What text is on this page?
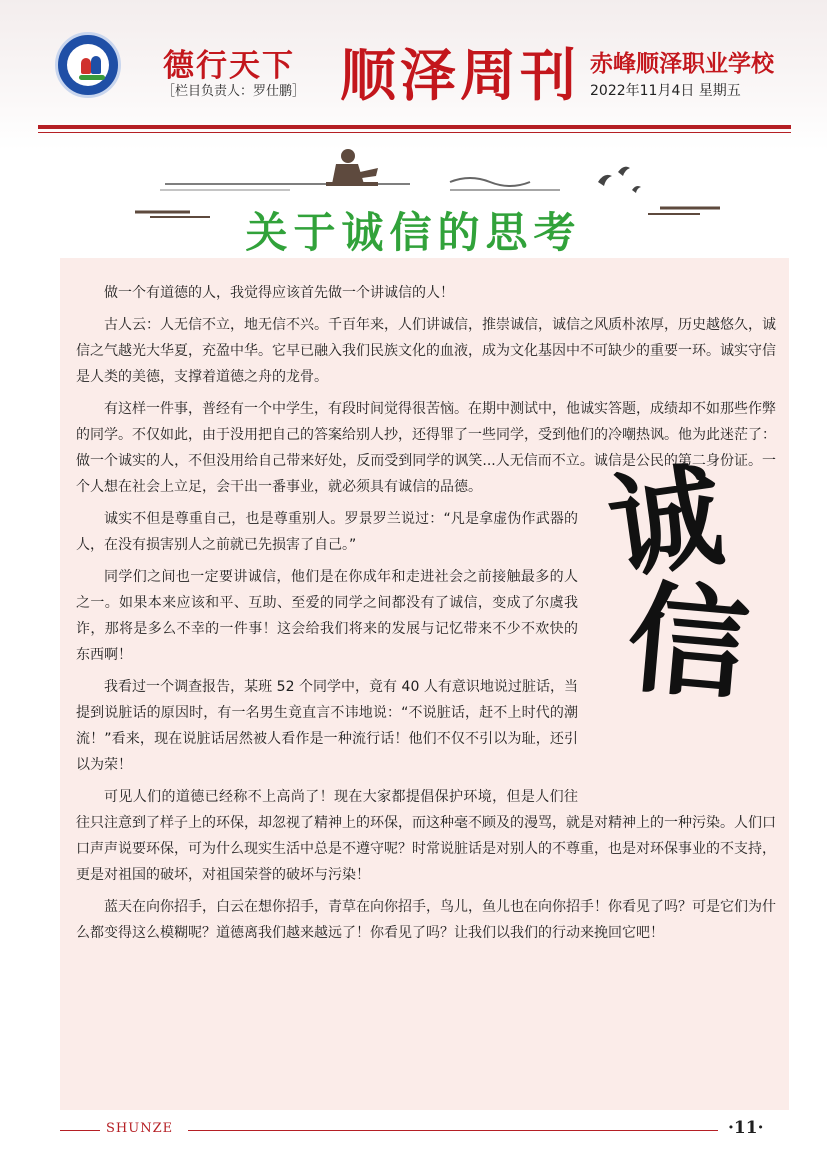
德行天下
［栏目负责人：罗仕鹏］ 顺泽周刊 赤峰顺泽职业学校
2022年11月4日 星期五
关于诚信的思考

做一个有道德的人，我觉得应该首先做一个讲诚信的人！

古人云：人无信不立，地无信不兴。千百年来，人们讲诚信，推崇诚信，诚信之风质朴浓厚，历史越悠久，诚信之气越光大华夏，充盈中华。它早已融入我们民族文化的血液，成为文化基因中不可缺少的重要一环。诚实守信是人类的美德，支撑着道德之舟的龙骨。

有这样一件事，普经有一个中学生，有段时间觉得很苦恼。在期中测试中，他诚实答题，成绩却不如那些作弊的同学。不仅如此，由于没用把自己的答案给别人抄，还得罪了一些同学，受到他们的冷嘲热讽。他为此迷茫了：做一个诚实的人，不但没用给自己带来好处，反而受到同学的讽笑...人无信而不立。诚信是公民的第二身份证。一个人想在社会上立足，会干出一番事业，就必须具有诚信的品德。	诚
信

诚实不但是尊重自己，也是尊重别人。罗景罗兰说过：“凡是拿虚伪作武器的人，在没有损害别人之前就已先损害了自己。”

同学们之间也一定要讲诚信，他们是在你成年和走进社会之前接触最多的人之一。如果本来应该和平、互助、至爱的同学之间都没有了诚信，变成了尔虞我诈，那将是多么不幸的一件事！这会给我们将来的发展与记忆带来不少不欢快的东西啊！

我看过一个调查报告，某班 52 个同学中，竟有 40 人有意识地说过脏话，当提到说脏话的原因时，有一名男生竟直言不讳地说：“不说脏话，赶不上时代的潮流！”看来，现在说脏话居然被人看作是一种流行话！他们不仅不引以为耻，还引以为荣！

可见人们的道德已经称不上高尚了！现在大家都提倡保护环境，但是人们往往只注意到了样子上的环保，却忽视了精神上的环保，而这种毫不顾及的漫骂，就是对精神上的一种污染。人们口口声声说要环保，可为什么现实生活中总是不遵守呢？时常说脏话是对别人的不尊重，也是对环保事业的不支持，更是对祖国的破坏，对祖国荣誉的破坏与污染！

蓝天在向你招手，白云在想你招手，青草在向你招手，鸟儿，鱼儿也在向你招手！你看见了吗？可是它们为什么都变得这么模糊呢？道德离我们越来越远了！你看见了吗？让我们以我们的行动来挽回它吧！

SHUNZE	·11·
